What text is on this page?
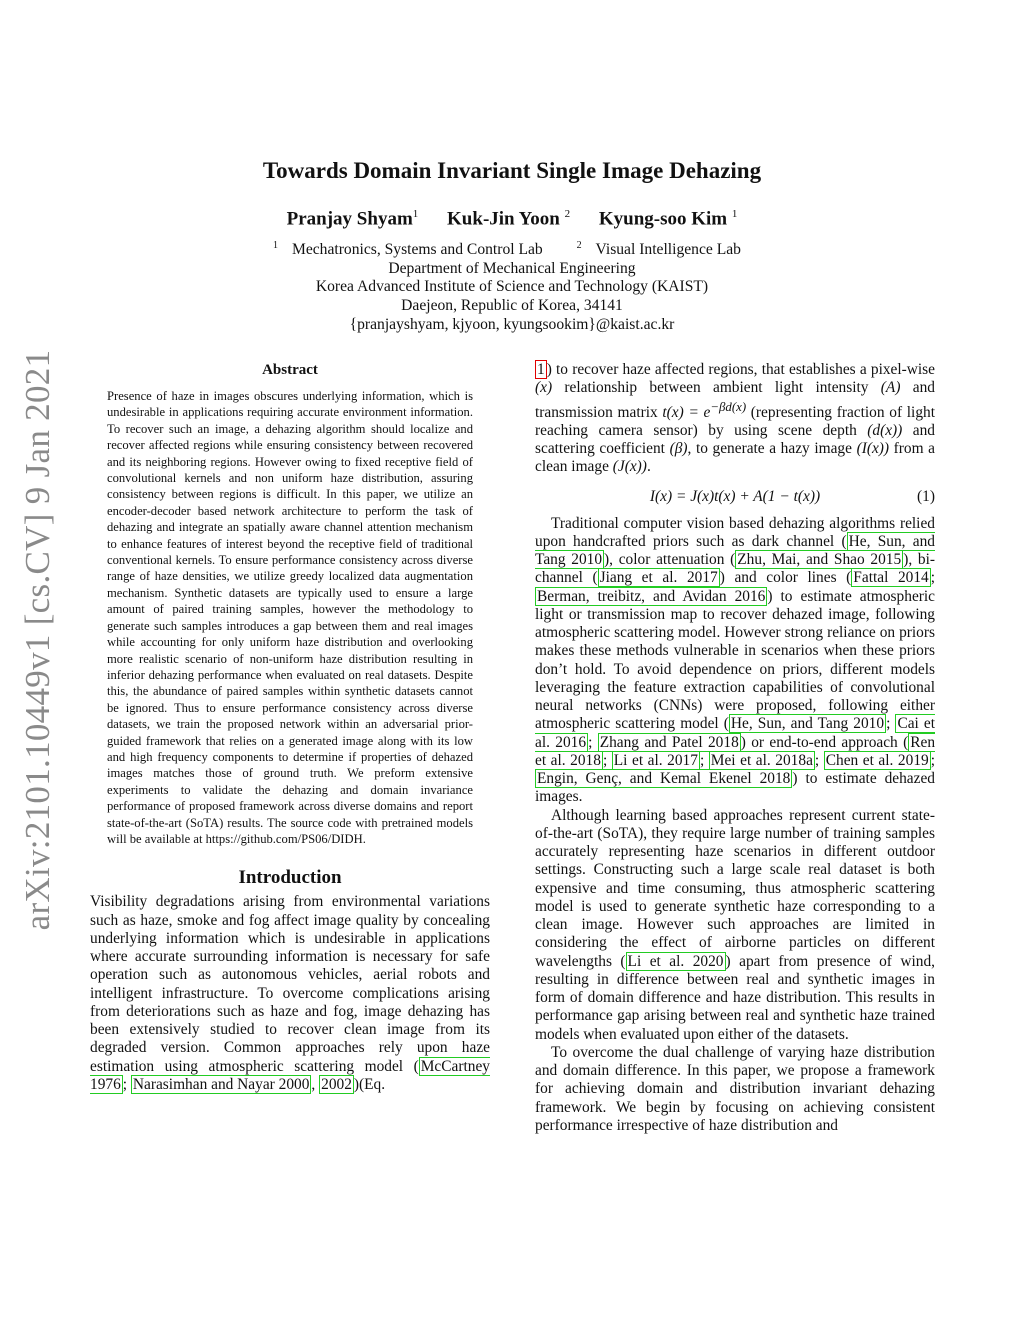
arXiv:2101.10449v1 [cs.CV] 9 Jan 2021
Towards Domain Invariant Single Image Dehazing
Pranjay Shyam$^1$ Kuk-Jin Yoon $^2$ Kyung-soo Kim $^1$
$^1$ Mechatronics, Systems and Control Lab	$^2$ Visual Intelligence Lab
Department of Mechanical Engineering
Korea Advanced Institute of Science and Technology (KAIST)
Daejeon, Republic of Korea, 34141
{pranjayshyam, kjyoon, kyungsookim}@kaist.ac.kr
Abstract

Presence of haze in images obscures underlying information, which is undesirable in applications requiring accurate environment information. To recover such an image, a dehazing algorithm should localize and recover affected regions while ensuring consistency between recovered and its neighboring regions. However owing to fixed receptive field of convolutional kernels and non uniform haze distribution, assuring consistency between regions is difficult. In this paper, we utilize an encoder-decoder based network architecture to perform the task of dehazing and integrate an spatially aware channel attention mechanism to enhance features of interest beyond the receptive field of traditional conventional kernels. To ensure performance consistency across diverse range of haze densities, we utilize greedy localized data augmentation mechanism. Synthetic datasets are typically used to ensure a large amount of paired training samples, however the methodology to generate such samples introduces a gap between them and real images while accounting for only uniform haze distribution and overlooking more realistic scenario of non-uniform haze distribution resulting in inferior dehazing performance when evaluated on real datasets. Despite this, the abundance of paired samples within synthetic datasets cannot be ignored. Thus to ensure performance consistency across diverse datasets, we train the proposed network within an adversarial prior-guided framework that relies on a generated image along with its low and high frequency components to determine if properties of dehazed images matches those of ground truth. We preform extensive experiments to validate the dehazing and domain invariance performance of proposed framework across diverse domains and report state-of-the-art (SoTA) results. The source code with pretrained models will be available at https://github.com/PS06/DIDH.

Introduction

Visibility degradations arising from environmental variations such as haze, smoke and fog affect image quality by concealing underlying information which is undesirable in applications where accurate surrounding information is necessary for safe operation such as autonomous vehicles, aerial robots and intelligent infrastructure. To overcome complications arising from deteriorations such as haze and fog, image dehazing has been extensively studied to recover clean image from its degraded version. Common approaches rely upon haze estimation using atmospheric scattering model ( McCartney 1976 ; Narasimhan and Nayar 2000 , 2002 )(Eq.

1 ) to recover haze affected regions, that establishes a pixel-wise (x) relationship between ambient light intensity (A) and transmission matrix $t(x) = e^{-\beta d(x)}$ (representing fraction of light reaching camera sensor) by using scene depth (d(x)) and scattering coefficient (β), to generate a hazy image (I(x)) from a clean image (J(x)).

I(x) = J(x)t(x) + A(1 − t(x))	(1)

Traditional computer vision based dehazing algorithms relied upon handcrafted priors such as dark channel ( He, Sun, and Tang 2010 ), color attenuation ( Zhu, Mai, and Shao 2015 ), bi-channel ( Jiang et al. 2017 ) and color lines ( Fattal 2014 ; Berman, treibitz, and Avidan 2016 ) to estimate atmospheric light or transmission map to recover dehazed image, following atmospheric scattering model. However strong reliance on priors makes these methods vulnerable in scenarios when these priors don’t hold. To avoid dependence on priors, different models leveraging the feature extraction capabilities of convolutional neural networks (CNNs) were proposed, following either atmospheric scattering model ( He, Sun, and Tang 2010 ; Cai et al. 2016 ; Zhang and Patel 2018 ) or end-to-end approach ( Ren et al. 2018 ; Li et al. 2017 ; Mei et al. 2018a ; Chen et al. 2019 ; Engin, Genç, and Kemal Ekenel 2018 ) to estimate dehazed images.

Although learning based approaches represent current state-of-the-art (SoTA), they require large number of training samples accurately representing haze scenarios in different outdoor settings. Constructing such a large scale real dataset is both expensive and time consuming, thus atmospheric scattering model is used to generate synthetic haze corresponding to a clean image. However such approaches are limited in considering the effect of airborne particles on different wavelengths ( Li et al. 2020 ) apart from presence of wind, resulting in difference between real and synthetic images in form of domain difference and haze distribution. This results in performance gap arising between real and synthetic haze trained models when evaluated upon either of the datasets.

To overcome the dual challenge of varying haze distribution and domain difference. In this paper, we propose a framework for achieving domain and distribution invariant dehazing framework. We begin by focusing on achieving consistent performance irrespective of haze distribution and
